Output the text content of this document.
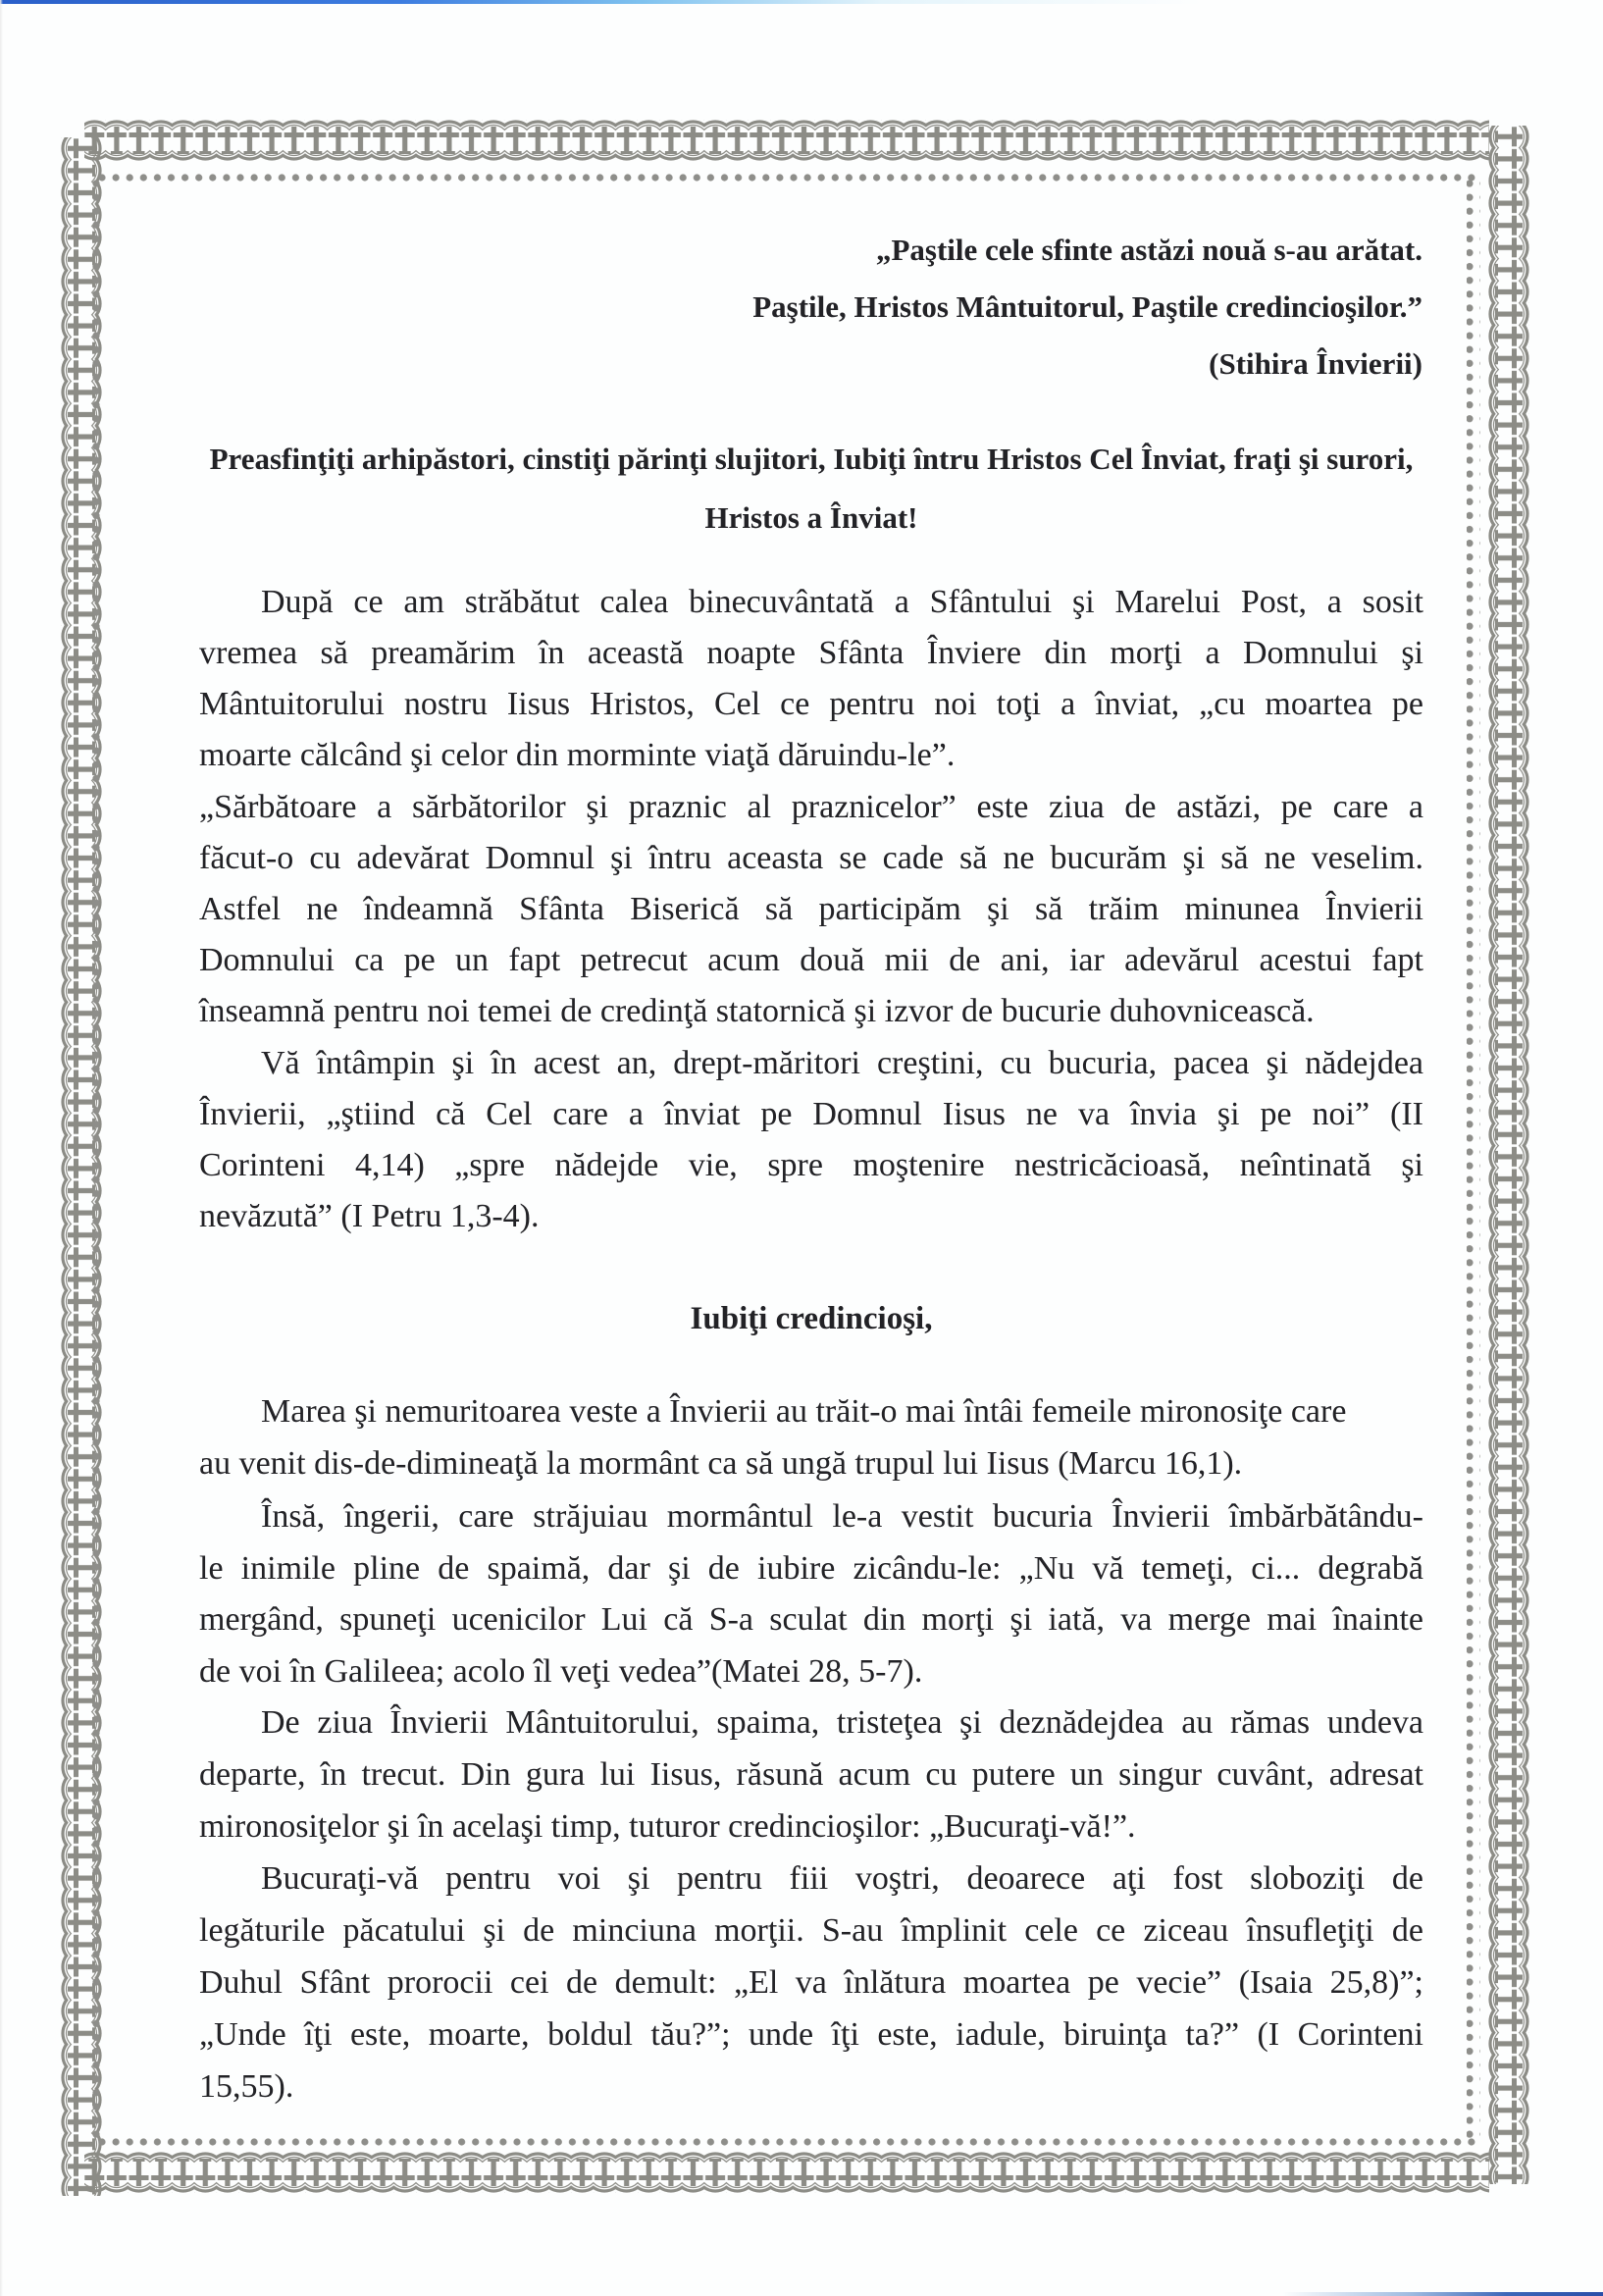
„Paştile cele sfinte astăzi nouă s-au arătat.
Paştile, Hristos Mântuitorul, Paştile credincioşilor.”
(Stihira Învierii)
Preasfinţiţi arhipăstori, cinstiţi părinţi slujitori, Iubiţi întru Hristos Cel Înviat, fraţi şi surori,
Hristos a Înviat!
După ce am străbătut calea binecuvântată a Sfântului şi Marelui Post, a sosit
vremea să preamărim în această noapte Sfânta Înviere din morţi a Domnului şi
Mântuitorului nostru Iisus Hristos, Cel ce pentru noi toţi a înviat, „cu moartea pe
moarte călcând şi celor din morminte viaţă dăruindu-le”.
„Sărbătoare a sărbătorilor şi praznic al praznicelor” este ziua de astăzi, pe care a
făcut-o cu adevărat Domnul şi întru aceasta se cade să ne bucurăm şi să ne veselim.
Astfel ne îndeamnă Sfânta Biserică să participăm şi să trăim minunea Învierii
Domnului ca pe un fapt petrecut acum două mii de ani, iar adevărul acestui fapt
înseamnă pentru noi temei de credinţă statornică şi izvor de bucurie duhovnicească.
Vă întâmpin şi în acest an, drept-măritori creştini, cu bucuria, pacea şi nădejdea
Învierii, „ştiind că Cel care a înviat pe Domnul Iisus ne va învia şi pe noi” (II
Corinteni 4,14) „spre nădejde vie, spre moştenire nestricăcioasă, neîntinată şi
nevăzută” (I Petru 1,3-4).
Iubiţi credincioşi,
Marea şi nemuritoarea veste a Învierii au trăit-o mai întâi femeile mironosiţe care
au venit dis-de-dimineaţă la mormânt ca să ungă trupul lui Iisus (Marcu 16,1).
Însă, îngerii, care străjuiau mormântul le-a vestit bucuria Învierii îmbărbătându-
le inimile pline de spaimă, dar şi de iubire zicându-le: „Nu vă temeţi, ci... degrabă
mergând, spuneţi ucenicilor Lui că S-a sculat din morţi şi iată, va merge mai înainte
de voi în Galileea; acolo îl veţi vedea”(Matei 28, 5-7).
De ziua Învierii Mântuitorului, spaima, tristeţea şi deznădejdea au rămas undeva
departe, în trecut. Din gura lui Iisus, răsună acum cu putere un singur cuvânt, adresat
mironosiţelor şi în acelaşi timp, tuturor credincioşilor: „Bucuraţi-vă!”.
Bucuraţi-vă pentru voi şi pentru fiii voştri, deoarece aţi fost sloboziţi de
legăturile păcatului şi de minciuna morţii. S-au împlinit cele ce ziceau însufleţiţi de
Duhul Sfânt prorocii cei de demult: „El va înlătura moartea pe vecie” (Isaia 25,8)”;
„Unde îţi este, moarte, boldul tău?”; unde îţi este, iadule, biruinţa ta?” (I Corinteni
15,55).
